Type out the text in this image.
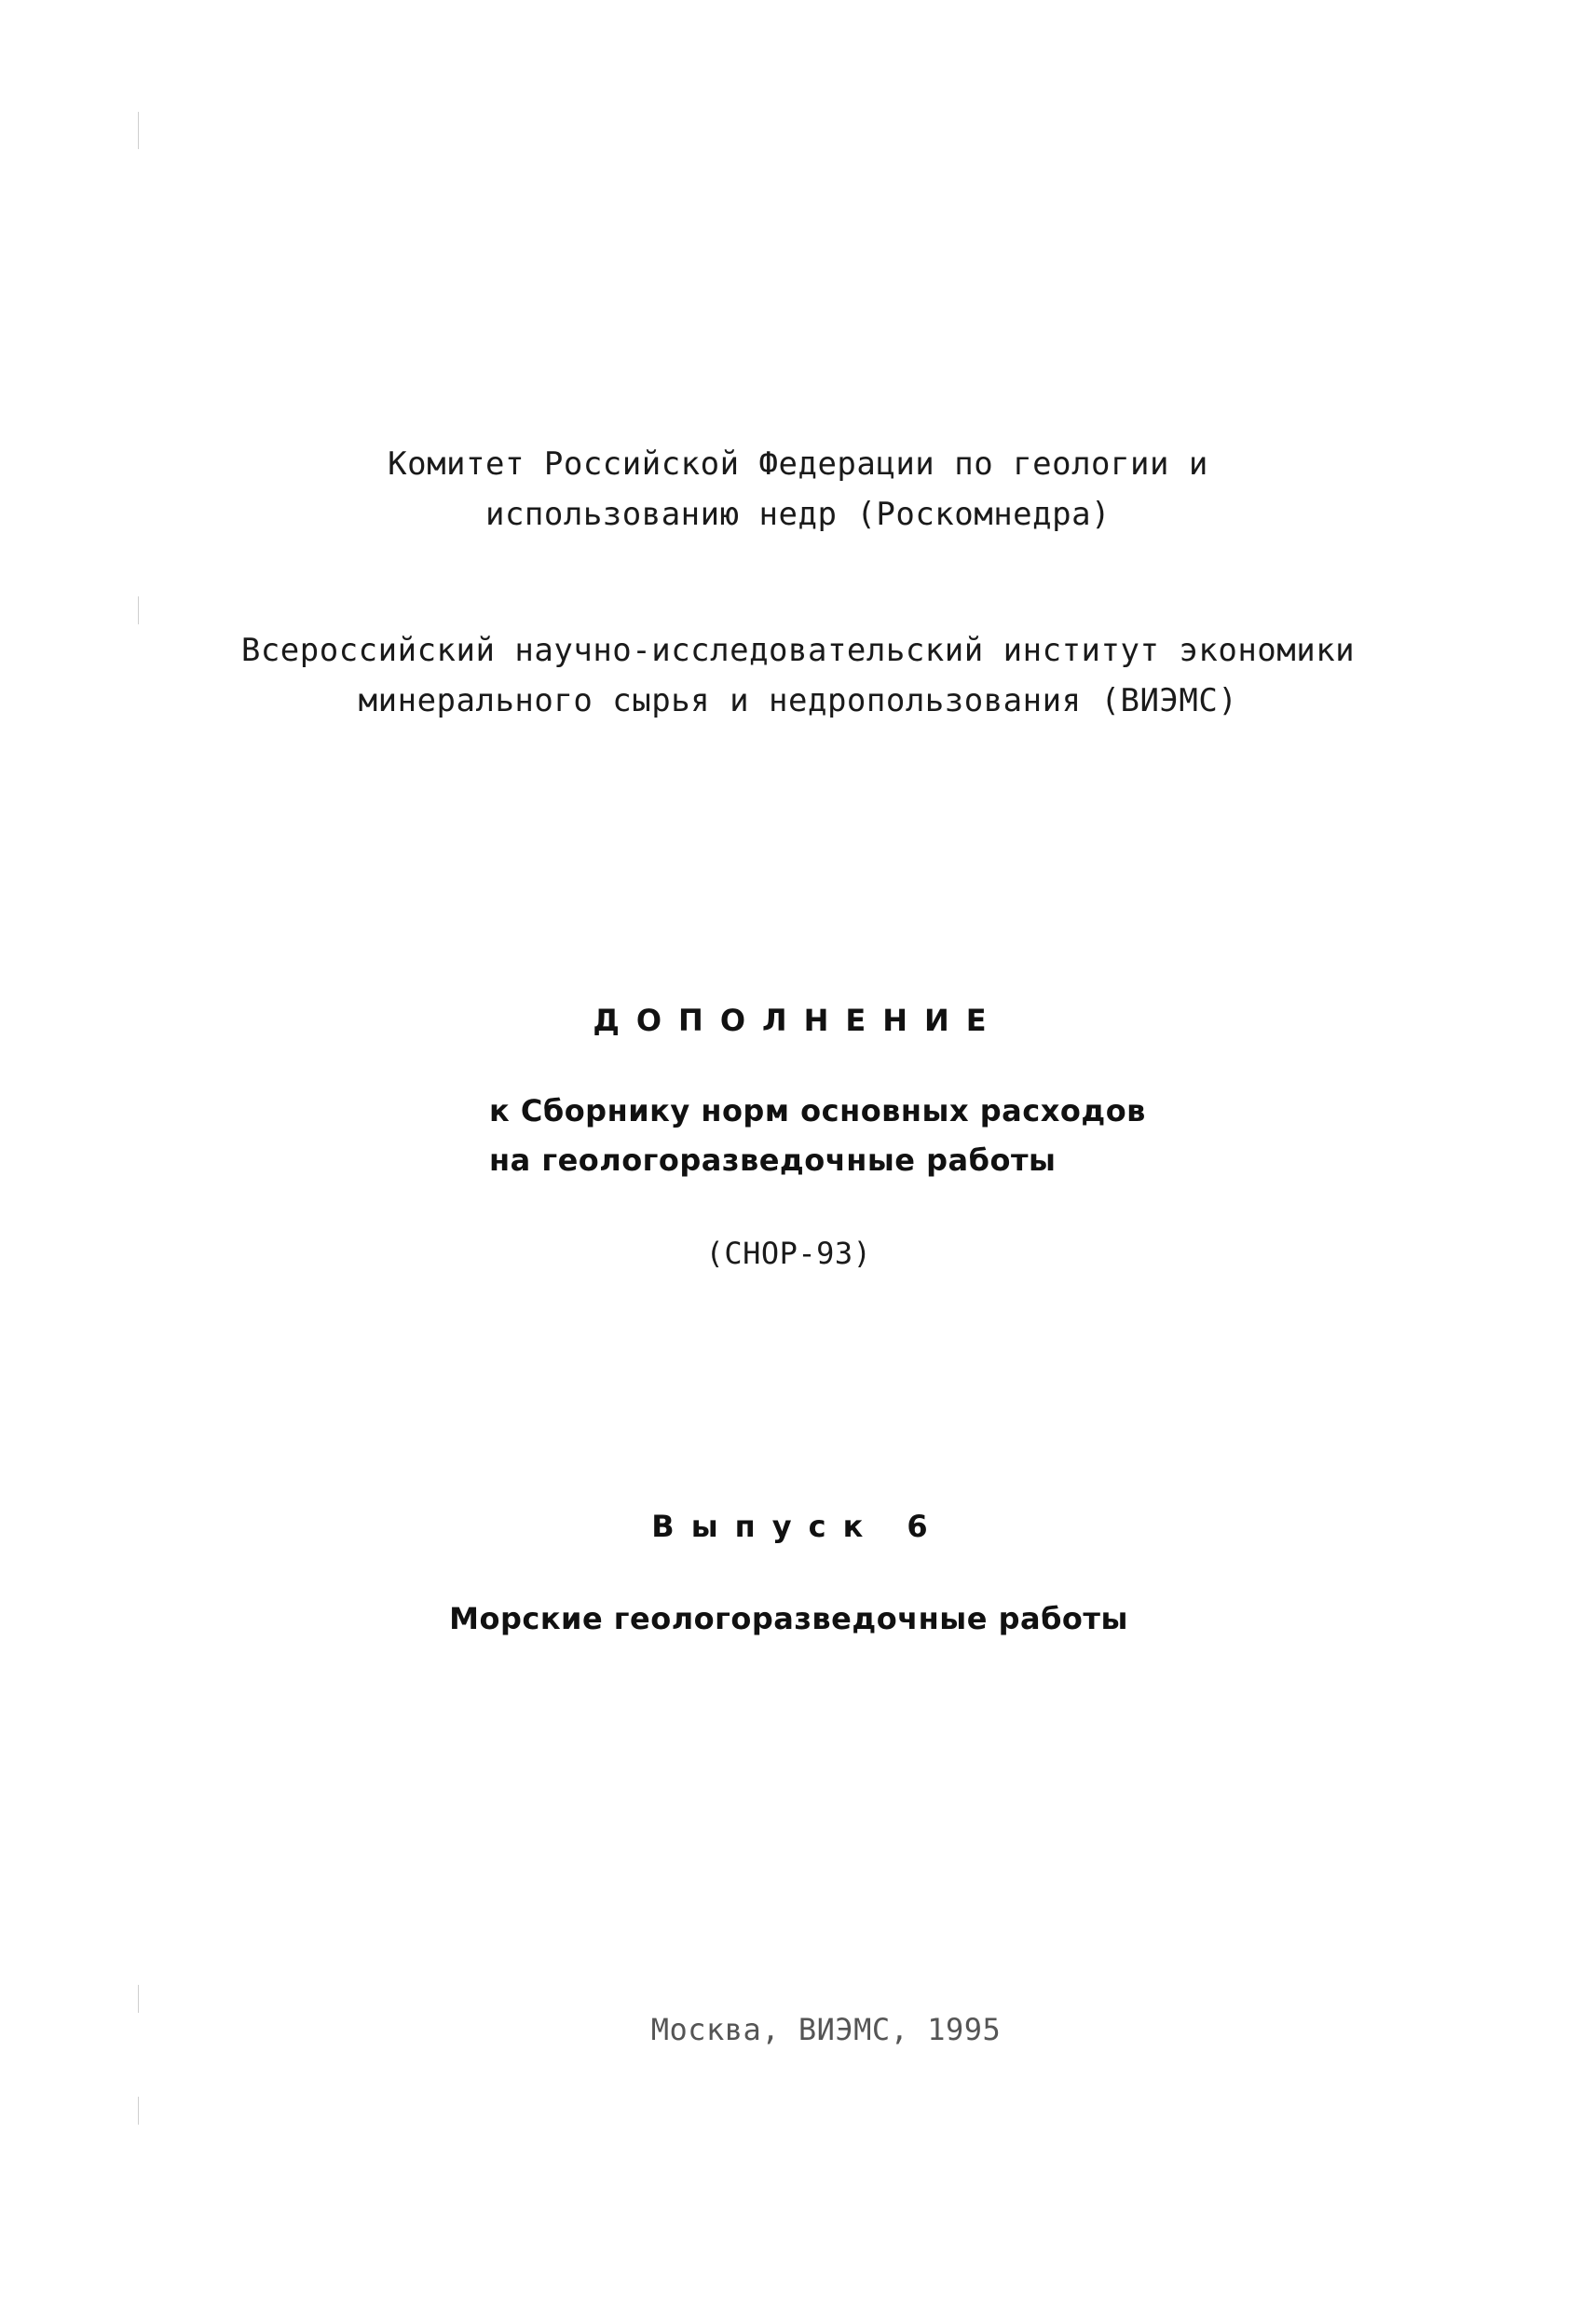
Комитет Российской Федерации по геологии и
использованию недр (Роскомнедра)
Всероссийский научно-исследовательский институт экономики
минерального сырья и недропользования (ВИЭМС)
ДОПОЛНЕНИЕ
к Сборнику норм основных расходов
на геологоразведочные работы
(СНОР-93)
Выпуск 6
Морские геологоразведочные работы
Москва, ВИЭМС, 1995
